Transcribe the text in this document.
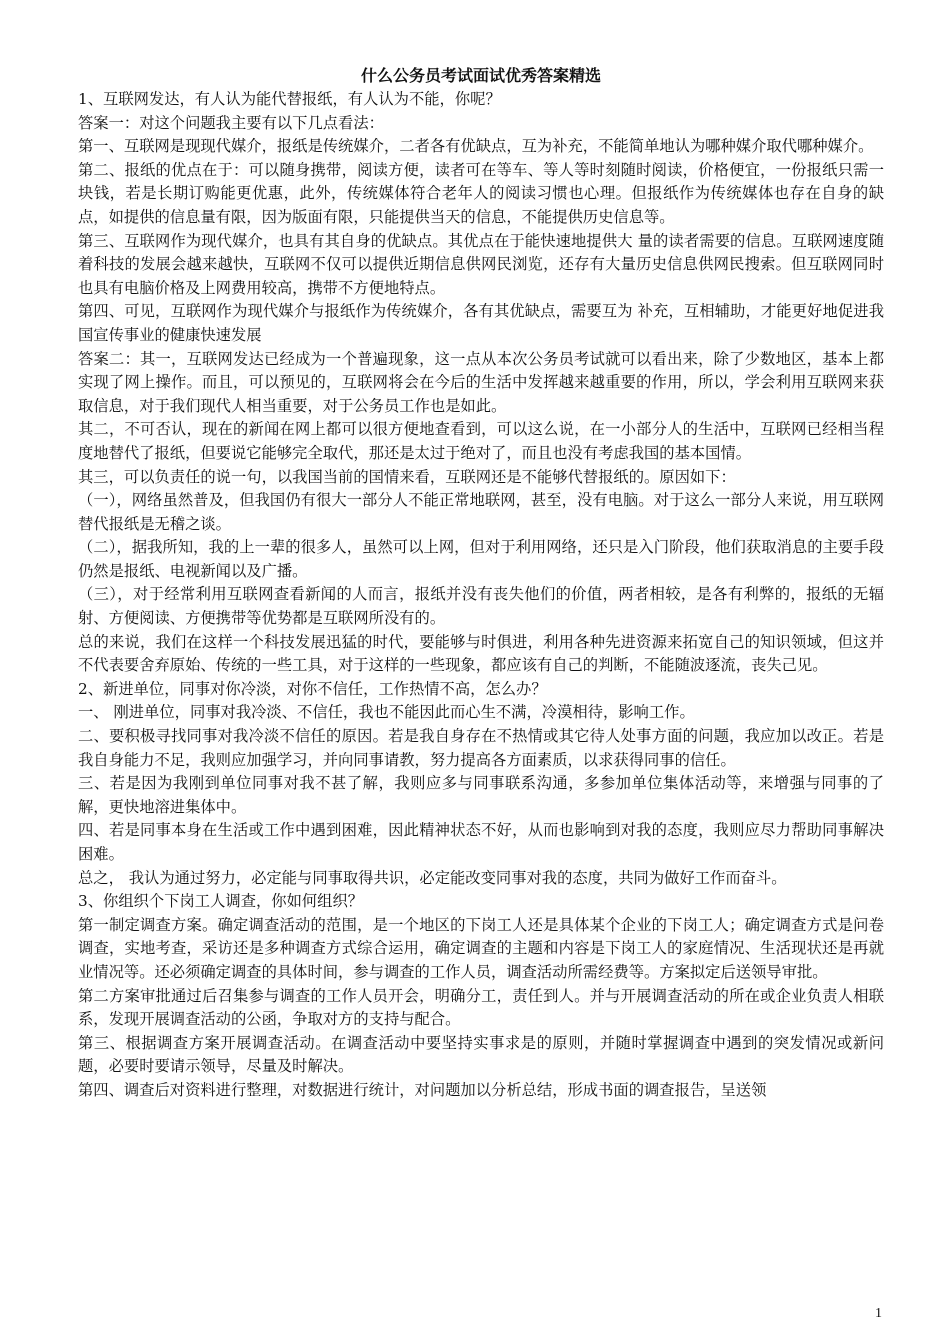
什么公务员考试面试优秀答案精选

1、互联网发达，有人认为能代替报纸，有人认为不能，你呢？

答案一：对这个问题我主要有以下几点看法：

第一、互联网是现现代媒介，报纸是传统媒介，二者各有优缺点，互为补充，不能简单地认为哪种媒介取代哪种媒介。

第二、报纸的优点在于：可以随身携带，阅读方便，读者可在等车、等人等时刻随时阅读，价格便宜，一份报纸只需一块钱，若是长期订购能更优惠，此外，传统媒体符合老年人的阅读习惯也心理。但报纸作为传统媒体也存在自身的缺点，如提供的信息量有限，因为版面有限，只能提供当天的信息，不能提供历史信息等。

第三、互联网作为现代媒介，也具有其自身的优缺点。其优点在于能快速地提供大 量的读者需要的信息。互联网速度随着科技的发展会越来越快，互联网不仅可以提供近期信息供网民浏览，还存有大量历史信息供网民搜索。但互联网同时也具有电脑价格及上网费用较高，携带不方便地特点。

第四、可见，互联网作为现代媒介与报纸作为传统媒介，各有其优缺点，需要互为 补充，互相辅助，才能更好地促进我国宣传事业的健康快速发展

答案二：其一，互联网发达已经成为一个普遍现象，这一点从本次公务员考试就可以看出来，除了少数地区，基本上都实现了网上操作。而且，可以预见的，互联网将会在今后的生活中发挥越来越重要的作用，所以，学会利用互联网来获取信息，对于我们现代人相当重要，对于公务员工作也是如此。

其二，不可否认，现在的新闻在网上都可以很方便地查看到，可以这么说，在一小部分人的生活中，互联网已经相当程度地替代了报纸，但要说它能够完全取代，那还是太过于绝对了，而且也没有考虑我国的基本国情。

其三，可以负责任的说一句，以我国当前的国情来看，互联网还是不能够代替报纸的。原因如下：

（一），网络虽然普及，但我国仍有很大一部分人不能正常地联网，甚至，没有电脑。对于这么一部分人来说，用互联网替代报纸是无稽之谈。

（二），据我所知，我的上一辈的很多人，虽然可以上网，但对于利用网络，还只是入门阶段，他们获取消息的主要手段仍然是报纸、电视新闻以及广播。

（三），对于经常利用互联网查看新闻的人而言，报纸并没有丧失他们的价值，两者相较，是各有利弊的，报纸的无辐射、方便阅读、方便携带等优势都是互联网所没有的。

总的来说，我们在这样一个科技发展迅猛的时代，要能够与时俱进，利用各种先进资源来拓宽自己的知识领域，但这并不代表要舍弃原始、传统的一些工具，对于这样的一些现象，都应该有自己的判断，不能随波逐流，丧失己见。

2、新进单位，同事对你冷淡，对你不信任，工作热情不高，怎么办？

一、 刚进单位，同事对我冷淡、不信任，我也不能因此而心生不满，冷漠相待，影响工作。

二、要积极寻找同事对我冷淡不信任的原因。若是我自身存在不热情或其它待人处事方面的问题，我应加以改正。若是我自身能力不足，我则应加强学习，并向同事请教，努力提高各方面素质，以求获得同事的信任。

三、若是因为我刚到单位同事对我不甚了解，我则应多与同事联系沟通，多参加单位集体活动等，来增强与同事的了解，更快地溶进集体中。

四、若是同事本身在生活或工作中遇到困难，因此精神状态不好，从而也影响到对我的态度，我则应尽力帮助同事解决困难。

总之， 我认为通过努力，必定能与同事取得共识，必定能改变同事对我的态度，共同为做好工作而奋斗。

3、你组织个下岗工人调查，你如何组织？

第一制定调查方案。确定调查活动的范围，是一个地区的下岗工人还是具体某个企业的下岗工人；确定调查方式是问卷调查，实地考查，采访还是多种调查方式综合运用，确定调查的主题和内容是下岗工人的家庭情况、生活现状还是再就业情况等。还必须确定调查的具体时间，参与调查的工作人员，调查活动所需经费等。方案拟定后送领导审批。

第二方案审批通过后召集参与调查的工作人员开会，明确分工，责任到人。并与开展调查活动的所在或企业负责人相联系，发现开展调查活动的公函，争取对方的支持与配合。

第三、根据调查方案开展调查活动。在调查活动中要坚持实事求是的原则，并随时掌握调查中遇到的突发情况或新问题，必要时要请示领导，尽量及时解决。

第四、调查后对资料进行整理，对数据进行统计，对问题加以分析总结，形成书面的调查报告，呈送领

1
